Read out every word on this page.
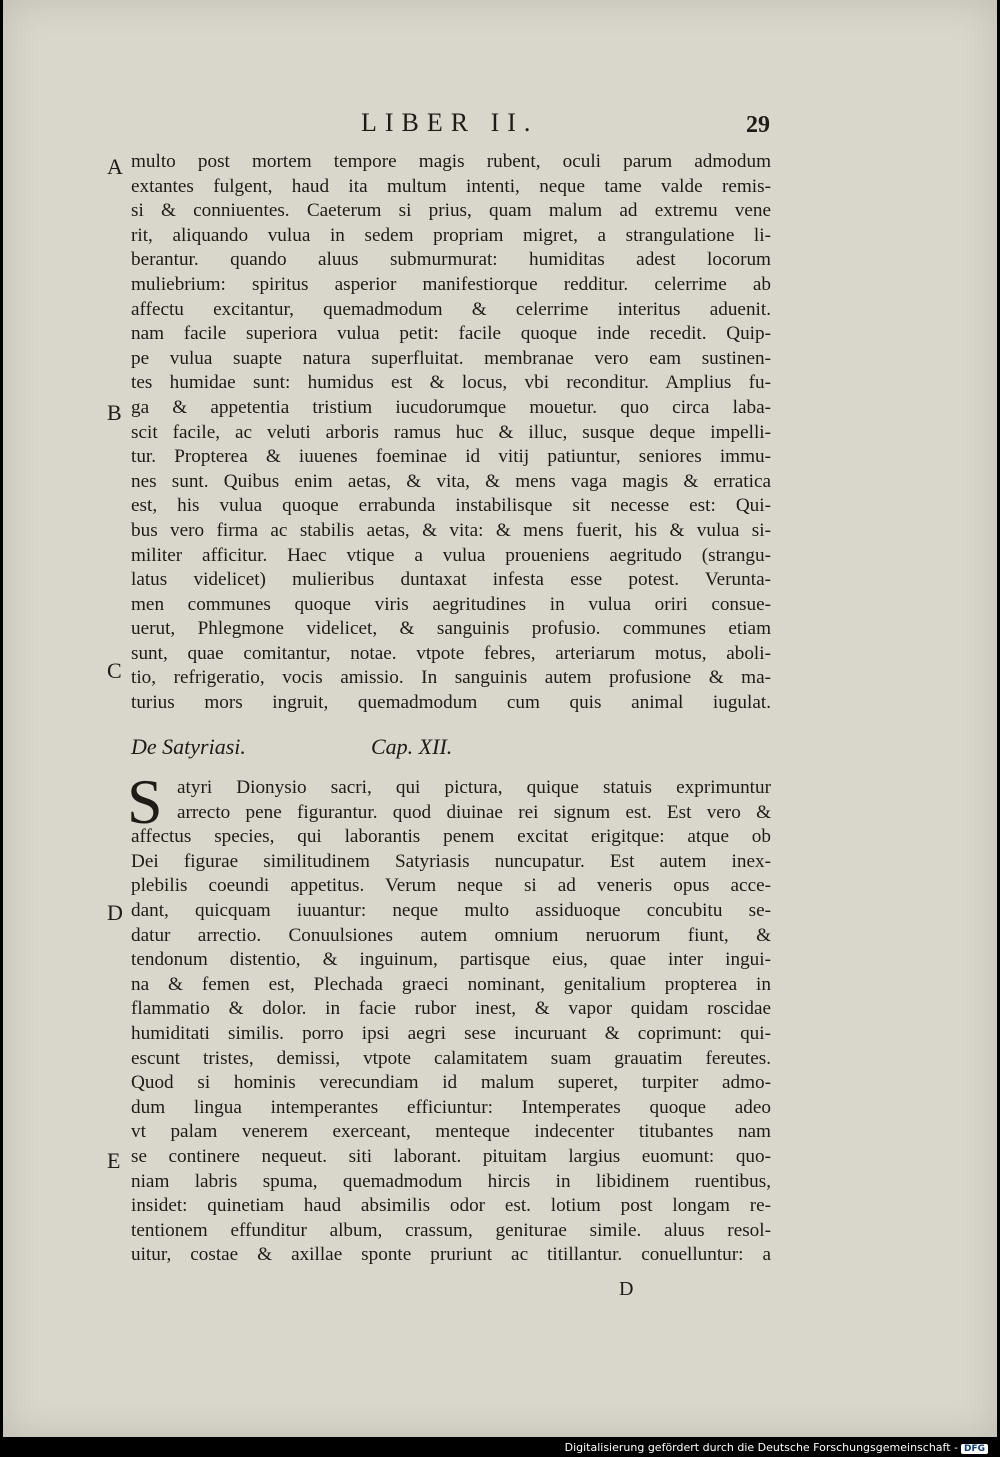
LIBER II.	29
A
B
C
D
E
multo post mortem tempore magis rubent, oculi parum admodum
extantes fulgent, haud ita multum intenti, neque tame valde remis-
si & conniuentes. Caeterum si prius, quam malum ad extremu vene
rit, aliquando vulua in sedem propriam migret, a strangulatione li-
berantur. quando aluus submurmurat: humiditas adest locorum
muliebrium: spiritus asperior manifestiorque redditur. celerrime ab
affectu excitantur, quemadmodum & celerrime interitus aduenit.
nam facile superiora vulua petit: facile quoque inde recedit. Quip-
pe vulua suapte natura superfluitat. membranae vero eam sustinen-
tes humidae sunt: humidus est & locus, vbi reconditur. Amplius fu-
ga & appetentia tristium iucudorumque mouetur. quo circa laba-
scit facile, ac veluti arboris ramus huc & illuc, susque deque impelli-
tur. Propterea & iuuenes foeminae id vitij patiuntur, seniores immu-
nes sunt. Quibus enim aetas, & vita, & mens vaga magis & erratica
est, his vulua quoque errabunda instabilisque sit necesse est: Qui-
bus vero firma ac stabilis aetas, & vita: & mens fuerit, his & vulua si-
militer afficitur. Haec vtique a vulua proueniens aegritudo (strangu-
latus videlicet) mulieribus duntaxat infesta esse potest. Verunta-
men communes quoque viris aegritudines in vulua oriri consue-
uerut, Phlegmone videlicet, & sanguinis profusio. communes etiam
sunt, quae comitantur, notae. vtpote febres, arteriarum motus, aboli-
tio, refrigeratio, vocis amissio. In sanguinis autem profusione & ma-
turius mors ingruit, quemadmodum cum quis animal iugulat.
De Satyriasi.	Cap. XII.
S atyri Dionysio sacri, qui pictura, quique statuis exprimuntur
arrecto pene figurantur. quod diuinae rei signum est. Est vero &
affectus species, qui laborantis penem excitat erigitque: atque ob
Dei figurae similitudinem Satyriasis nuncupatur. Est autem inex-
plebilis coeundi appetitus. Verum neque si ad veneris opus acce-
dant, quicquam iuuantur: neque multo assiduoque concubitu se-
datur arrectio. Conuulsiones autem omnium neruorum fiunt, &
tendonum distentio, & inguinum, partisque eius, quae inter ingui-
na & femen est, Plechada graeci nominant, genitalium propterea in
flammatio & dolor. in facie rubor inest, & vapor quidam roscidae
humiditati similis. porro ipsi aegri sese incuruant & coprimunt: qui-
escunt tristes, demissi, vtpote calamitatem suam grauatim fereutes.
Quod si hominis verecundiam id malum superet, turpiter admo-
dum lingua intemperantes efficiuntur: Intemperates quoque adeo
vt palam venerem exerceant, menteque indecenter titubantes nam
se continere nequeut. siti laborant. pituitam largius euomunt: quo-
niam labris spuma, quemadmodum hircis in libidinem ruentibus,
insidet: quinetiam haud absimilis odor est. lotium post longam re-
tentionem effunditur album, crassum, geniturae simile. aluus resol-
uitur, costae & axillae sponte pruriunt ac titillantur. conuelluntur: a
D
Digitalisierung gefördert durch die Deutsche Forschungsgemeinschaft - DFG
